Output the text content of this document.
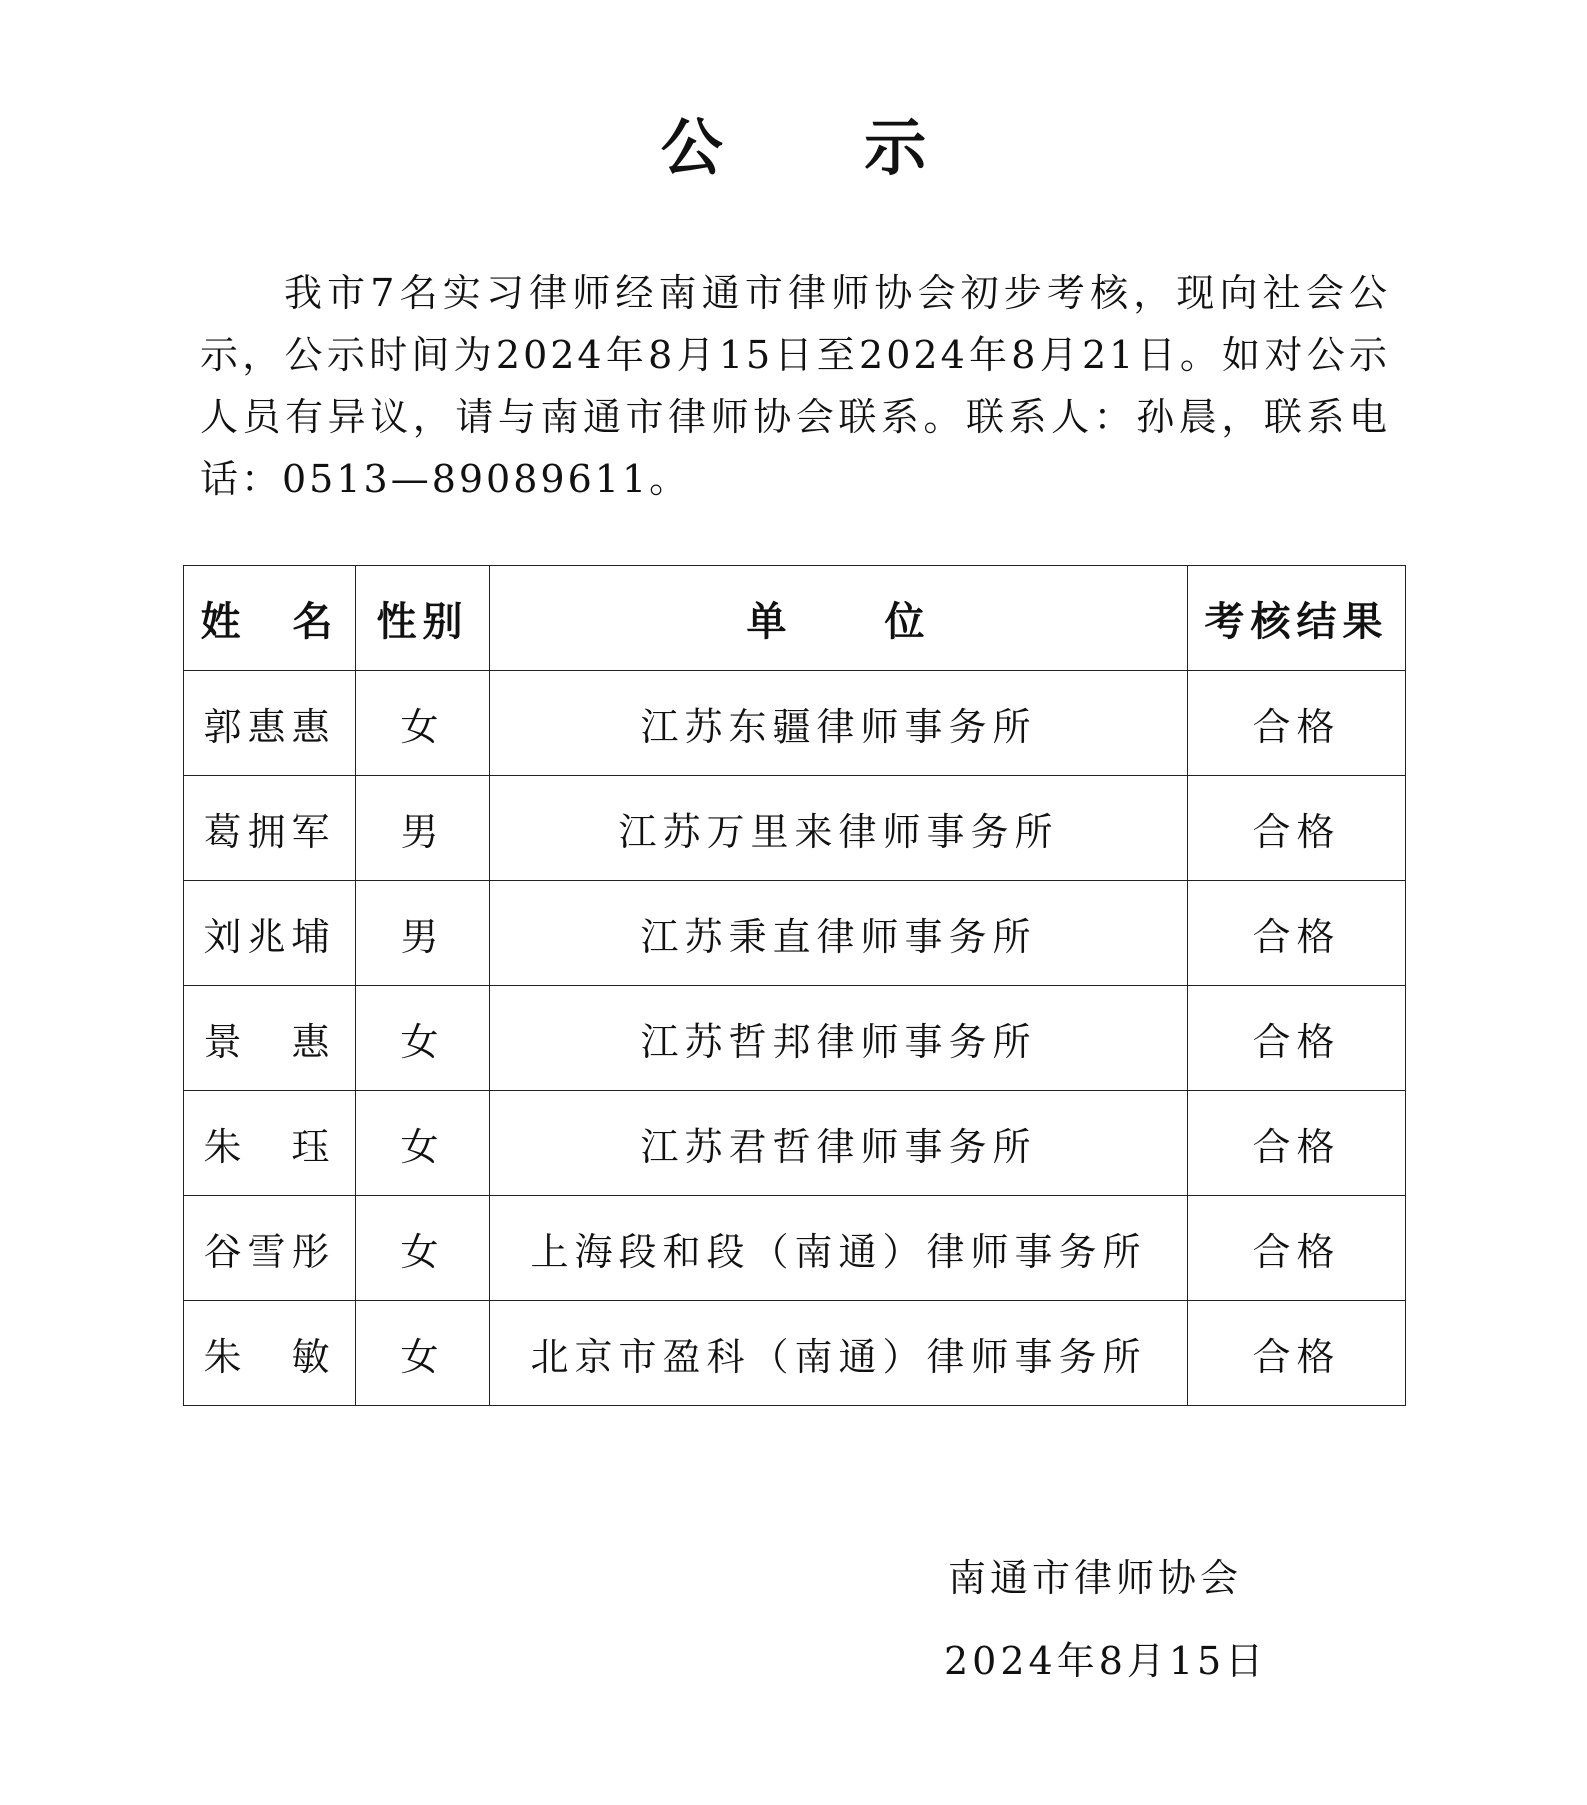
公 示

我市7名实习律师经南通市律师协会初步考核，现向社会公示，公示时间为2024年8月15日至2024年8月21日。如对公示人员有异议，请与南通市律师协会联系。联系人：孙晨，联系电话：0513—89089611。

姓　名	性别	单　　位	考核结果
郭惠惠	女	江苏东疆律师事务所	合格
葛拥军	男	江苏万里来律师事务所	合格
刘兆埔	男	江苏秉直律师事务所	合格
景　惠	女	江苏哲邦律师事务所	合格
朱　珏	女	江苏君哲律师事务所	合格
谷雪彤	女	上海段和段（南通）律师事务所	合格
朱　敏	女	北京市盈科（南通）律师事务所	合格
南通市律师协会
2024年8月15日
